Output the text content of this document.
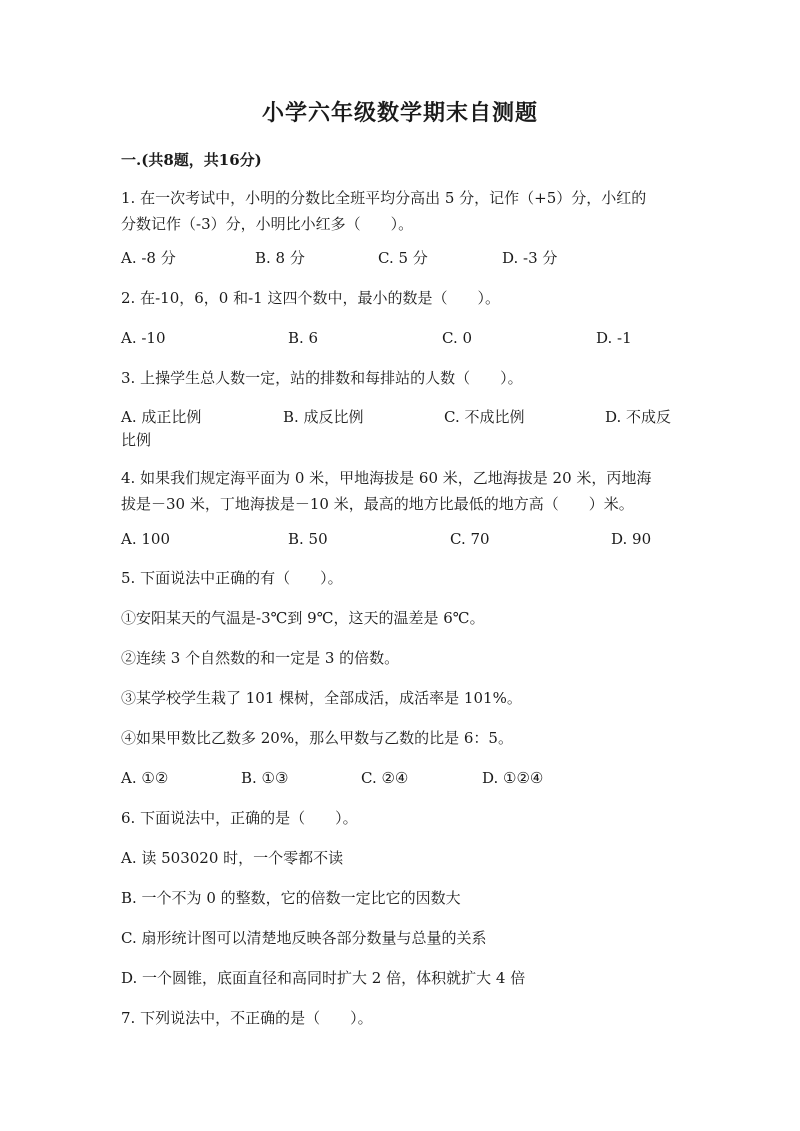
小学六年级数学期末自测题
一.(共8题，共16分)
1. 在一次考试中，小明的分数比全班平均分高出 5 分，记作（+5）分，小红的
分数记作（-3）分，小明比小红多（　　）。
A. -8 分	B. 8 分	C. 5 分	D. -3 分
2. 在-10，6，0 和-1 这四个数中，最小的数是（　　）。
A. -10	B. 6	C. 0	D. -1
3. 上操学生总人数一定，站的排数和每排站的人数（　　）。
A. 成正比例	B. 成反比例	C. 不成比例	D. 不成反
比例
4. 如果我们规定海平面为 0 米，甲地海拔是 60 米，乙地海拔是 20 米，丙地海
拔是－30 米，丁地海拔是－10 米，最高的地方比最低的地方高（　　）米。
A. 100	B. 50	C. 70	D. 90
5. 下面说法中正确的有（　　）。
①安阳某天的气温是-3℃到 9℃，这天的温差是 6℃。
②连续 3 个自然数的和一定是 3 的倍数。
③某学校学生栽了 101 棵树，全部成活，成活率是 101%。
④如果甲数比乙数多 20%，那么甲数与乙数的比是 6：5。
A. ①②	B. ①③	C. ②④	D. ①②④
6. 下面说法中，正确的是（　　）。
A. 读 503020 时，一个零都不读
B. 一个不为 0 的整数，它的倍数一定比它的因数大
C. 扇形统计图可以清楚地反映各部分数量与总量的关系
D. 一个圆锥，底面直径和高同时扩大 2 倍，体积就扩大 4 倍
7. 下列说法中，不正确的是（　　）。
